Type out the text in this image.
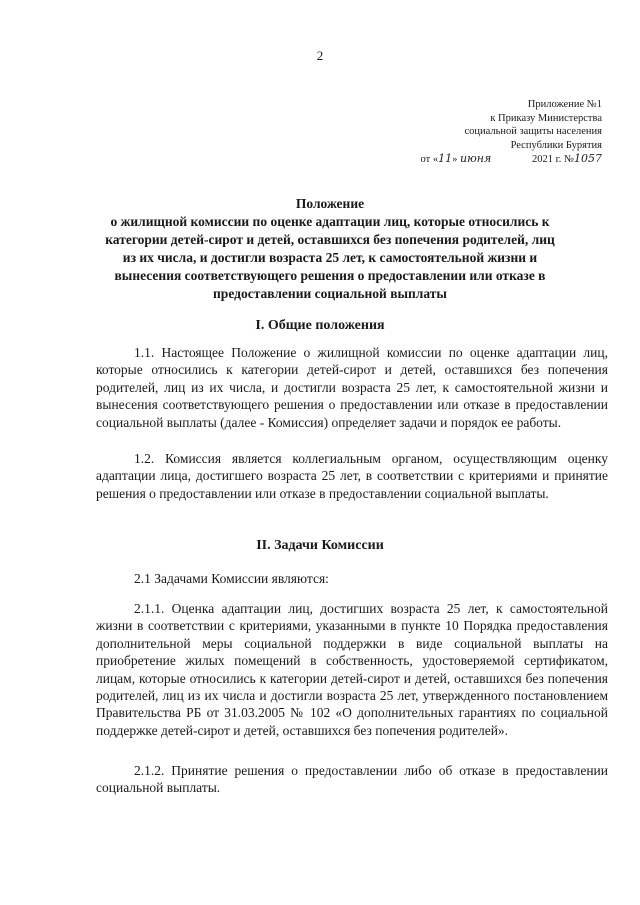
2
Приложение №1
к Приказу Министерства
социальной защиты населения
Республики Бурятия
от «11» июня	2021 г. №1057
Положение
о жилищной комиссии по оценке адаптации лиц, которые относились к категории детей-сирот и детей, оставшихся без попечения родителей, лиц из их числа, и достигли возраста 25 лет, к самостоятельной жизни и вынесения соответствующего решения о предоставлении или отказе в предоставлении социальной выплаты
I. Общие положения

1.1. Настоящее Положение о жилищной комиссии по оценке адаптации лиц, которые относились к категории детей-сирот и детей, оставшихся без попечения родителей, лиц из их числа, и достигли возраста 25 лет, к самостоятельной жизни и вынесения соответствующего решения о предоставлении или отказе в предоставлении социальной выплаты (далее - Комиссия) определяет задачи и порядок ее работы.

1.2. Комиссия является коллегиальным органом, осуществляющим оценку адаптации лица, достигшего возраста 25 лет, в соответствии с критериями и принятие решения о предоставлении или отказе в предоставлении социальной выплаты.

II. Задачи Комиссии

2.1 Задачами Комиссии являются:

2.1.1. Оценка адаптации лиц, достигших возраста 25 лет, к самостоятельной жизни в соответствии с критериями, указанными в пункте 10 Порядка предоставления дополнительной меры социальной поддержки в виде социальной выплаты на приобретение жилых помещений в собственность, удостоверяемой сертификатом, лицам, которые относились к категории детей-сирот и детей, оставшихся без попечения родителей, лиц из их числа и достигли возраста 25 лет, утвержденного постановлением Правительства РБ от 31.03.2005 № 102 «О дополнительных гарантиях по социальной поддержке детей-сирот и детей, оставшихся без попечения родителей».

2.1.2. Принятие решения о предоставлении либо об отказе в предоставлении социальной выплаты.
